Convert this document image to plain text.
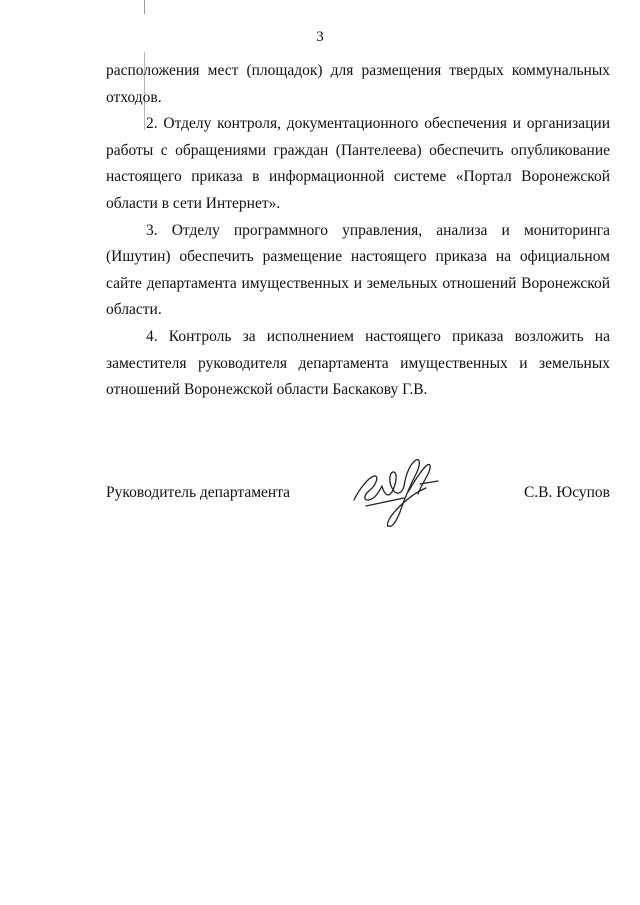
3

расположения мест (площадок) для размещения твердых коммунальных отходов.

2. Отделу контроля, документационного обеспечения и организации работы с обращениями граждан (Пантелеева) обеспечить опубликование настоящего приказа в информационной системе «Портал Воронежской области в сети Интернет».

3. Отделу программного управления, анализа и мониторинга (Ишутин) обеспечить размещение настоящего приказа на официальном сайте департамента имущественных и земельных отношений Воронежской области.

4. Контроль за исполнением настоящего приказа возложить на заместителя руководителя департамента имущественных и земельных отношений Воронежской области Баскакову Г.В.

Руководитель департамента	С.В. Юсупов
